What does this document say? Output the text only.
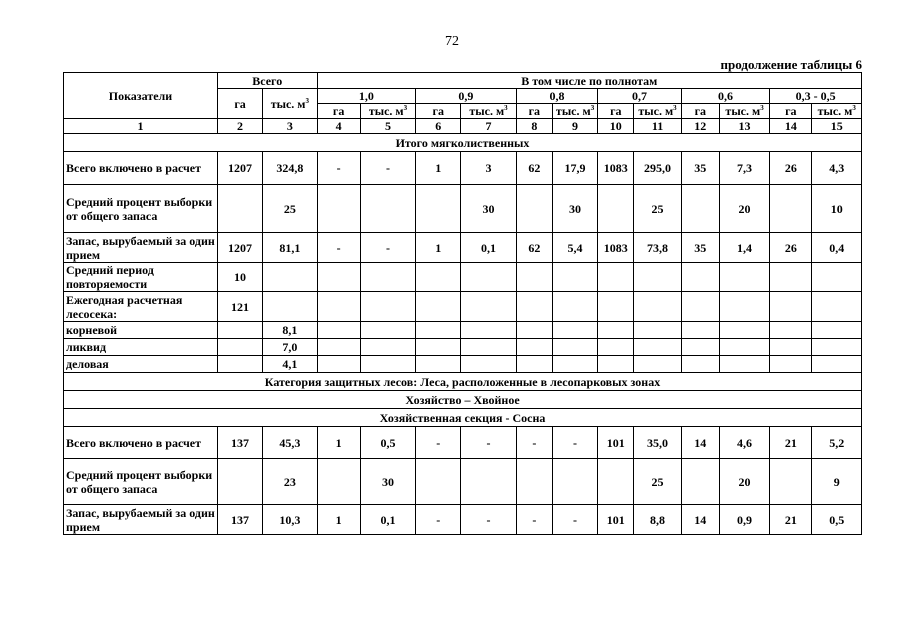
72
продолжение таблицы 6
Показатели	Всего		В том числе по полнотам											
	га	тыс. $м^3$	1,0		0,9		0,8		0,7		0,6		0,3 - 0,5	
			га	тыс. $м^3$	га	тыс. $м^3$	га	тыс. $м^3$	га	тыс. $м^3$	га	тыс. $м^3$	га	тыс. $м^3$
1	2	3	4	5	6	7	8	9	10	11	12	13	14	15
Итого мягколиственных														
Всего включено в расчет	1207	324,8	-	-	1	3	62	17,9	1083	295,0	35	7,3	26	4,3
Средний процент выборки от общего запаса		25				30		30		25		20		10
Запас, вырубаемый за один прием	1207	81,1	-	-	1	0,1	62	5,4	1083	73,8	35	1,4	26	0,4
Средний период повторяемости	10													
Ежегодная расчетная лесосека:	121													
корневой		8,1												
ликвид		7,0												
деловая		4,1												
Категория защитных лесов: Леса, расположенные в лесопарковых зонах														
Хозяйство – Хвойное														
Хозяйственная секция - Сосна														
Всего включено в расчет	137	45,3	1	0,5	-	-	-	-	101	35,0	14	4,6	21	5,2
Средний процент выборки от общего запаса		23		30						25		20		9
Запас, вырубаемый за один прием	137	10,3	1	0,1	-	-	-	-	101	8,8	14	0,9	21	0,5
